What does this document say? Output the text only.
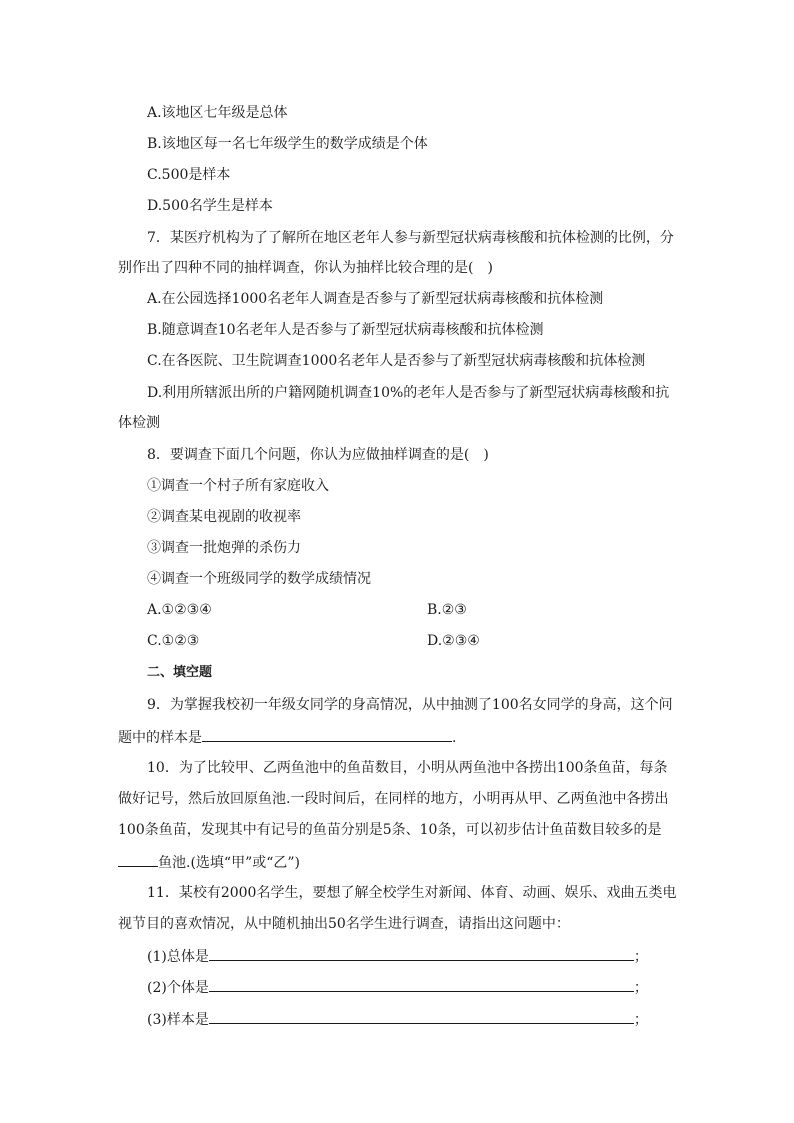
A.该地区七年级是总体
B.该地区每一名七年级学生的数学成绩是个体
C.500是样本
D.500名学生是样本
7．某医疗机构为了了解所在地区老年人参与新型冠状病毒核酸和抗体检测的比例，分
别作出了四种不同的抽样调查，你认为抽样比较合理的是(　)
A.在公园选择1000名老年人调查是否参与了新型冠状病毒核酸和抗体检测
B.随意调查10名老年人是否参与了新型冠状病毒核酸和抗体检测
C.在各医院、卫生院调查1000名老年人是否参与了新型冠状病毒核酸和抗体检测
D.利用所辖派出所的户籍网随机调查10%的老年人是否参与了新型冠状病毒核酸和抗
体检测
8．要调查下面几个问题，你认为应做抽样调查的是(　)
①调查一个村子所有家庭收入
②调查某电视剧的收视率
③调查一批炮弹的杀伤力
④调查一个班级同学的数学成绩情况
A.①②③④	B.②③
C.①②③	D.②③④
二、填空题
9．为掌握我校初一年级女同学的身高情况，从中抽测了100名女同学的身高，这个问
题中的样本是	.
10．为了比较甲、乙两鱼池中的鱼苗数目，小明从两鱼池中各捞出100条鱼苗，每条
做好记号，然后放回原鱼池.一段时间后，在同样的地方，小明再从甲、乙两鱼池中各捞出
100条鱼苗，发现其中有记号的鱼苗分别是5条、10条，可以初步估计鱼苗数目较多的是
鱼池.(选填“甲”或“乙”)
11．某校有2000名学生，要想了解全校学生对新闻、体育、动画、娱乐、戏曲五类电
视节目的喜欢情况，从中随机抽出50名学生进行调查，请指出这问题中：
(1)总体是	；
(2)个体是	；
(3)样本是	；
